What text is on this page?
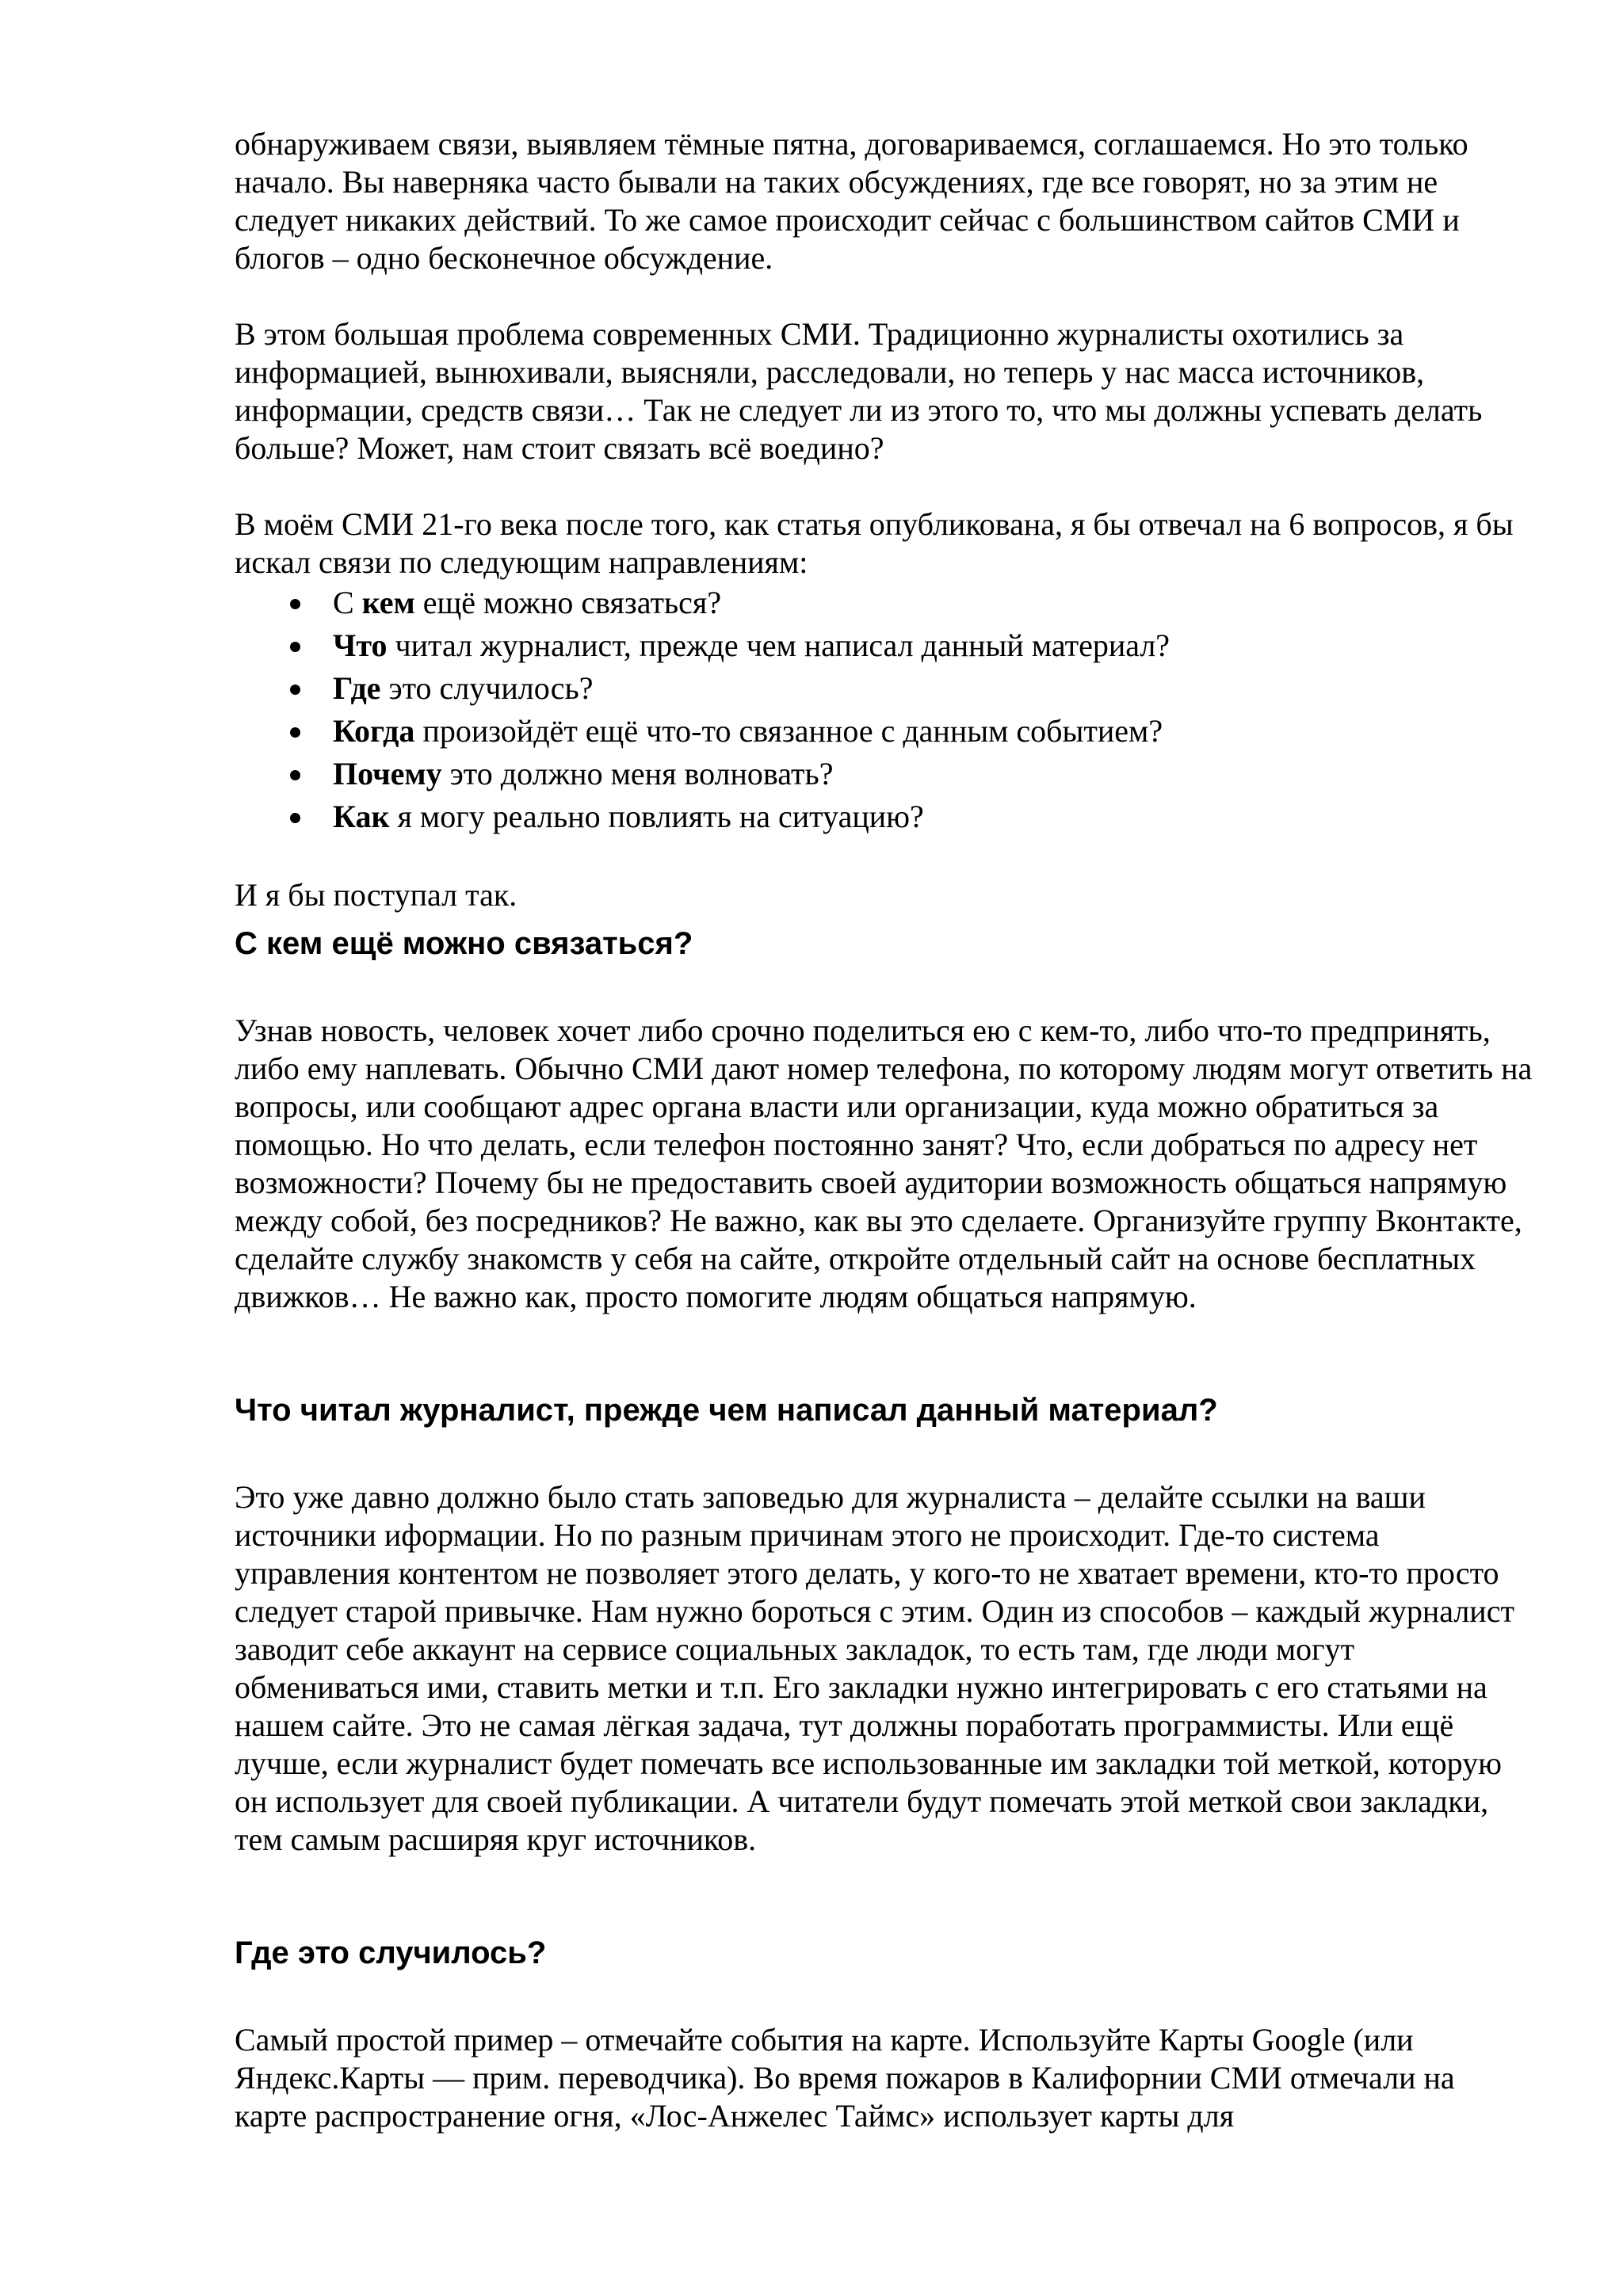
обнаруживаем связи, выявляем тёмные пятна, договариваемся, соглашаемся. Но это только начало. Вы наверняка часто бывали на таких обсуждениях, где все говорят, но за этим не следует никаких действий. То же самое происходит сейчас с большинством сайтов СМИ и блогов – одно бесконечное обсуждение.

В этом большая проблема современных СМИ. Традиционно журналисты охотились за информацией, вынюхивали, выясняли, расследовали, но теперь у нас масса источников, информации, средств связи… Так не следует ли из этого то, что мы должны успевать делать больше? Может, нам стоит связать всё воедино?

В моём СМИ 21-го века после того, как статья опубликована, я бы отвечал на 6 вопросов, я бы искал связи по следующим направлениям:

С кем ещё можно связаться?
Что читал журналист, прежде чем написал данный материал?
Где это случилось?
Когда произойдёт ещё что-то связанное с данным событием?
Почему это должно меня волновать?
Как я могу реально повлиять на ситуацию?

И я бы поступал так.

С кем ещё можно связаться?

Узнав новость, человек хочет либо срочно поделиться ею с кем-то, либо что-то предпринять, либо ему наплевать. Обычно СМИ дают номер телефона, по которому людям могут ответить на вопросы, или сообщают адрес органа власти или организации, куда можно обратиться за помощью. Но что делать, если телефон постоянно занят? Что, если добраться по адресу нет возможности? Почему бы не предоставить своей аудитории возможность общаться напрямую между собой, без посредников? Не важно, как вы это сделаете. Организуйте группу Вконтакте, сделайте службу знакомств у себя на сайте, откройте отдельный сайт на основе бесплатных движков… Не важно как, просто помогите людям общаться напрямую.

Что читал журналист, прежде чем написал данный материал?

Это уже давно должно было стать заповедью для журналиста – делайте ссылки на ваши источники иформации. Но по разным причинам этого не происходит. Где-то система управления контентом не позволяет этого делать, у кого-то не хватает времени, кто-то просто следует старой привычке. Нам нужно бороться с этим. Один из способов – каждый журналист заводит себе аккаунт на сервисе социальных закладок, то есть там, где люди могут обмениваться ими, ставить метки и т.п. Его закладки нужно интегрировать с его статьями на нашем сайте. Это не самая лёгкая задача, тут должны поработать программисты. Или ещё лучше, если журналист будет помечать все использованные им закладки той меткой, которую он использует для своей публикации. А читатели будут помечать этой меткой свои закладки, тем самым расширяя круг источников.

Где это случилось?

Самый простой пример – отмечайте события на карте. Используйте Карты Google (или Яндекс.Карты — прим. переводчика). Во время пожаров в Калифорнии СМИ отмечали на карте распространение огня, «Лос-Анжелес Таймс» использует карты для
